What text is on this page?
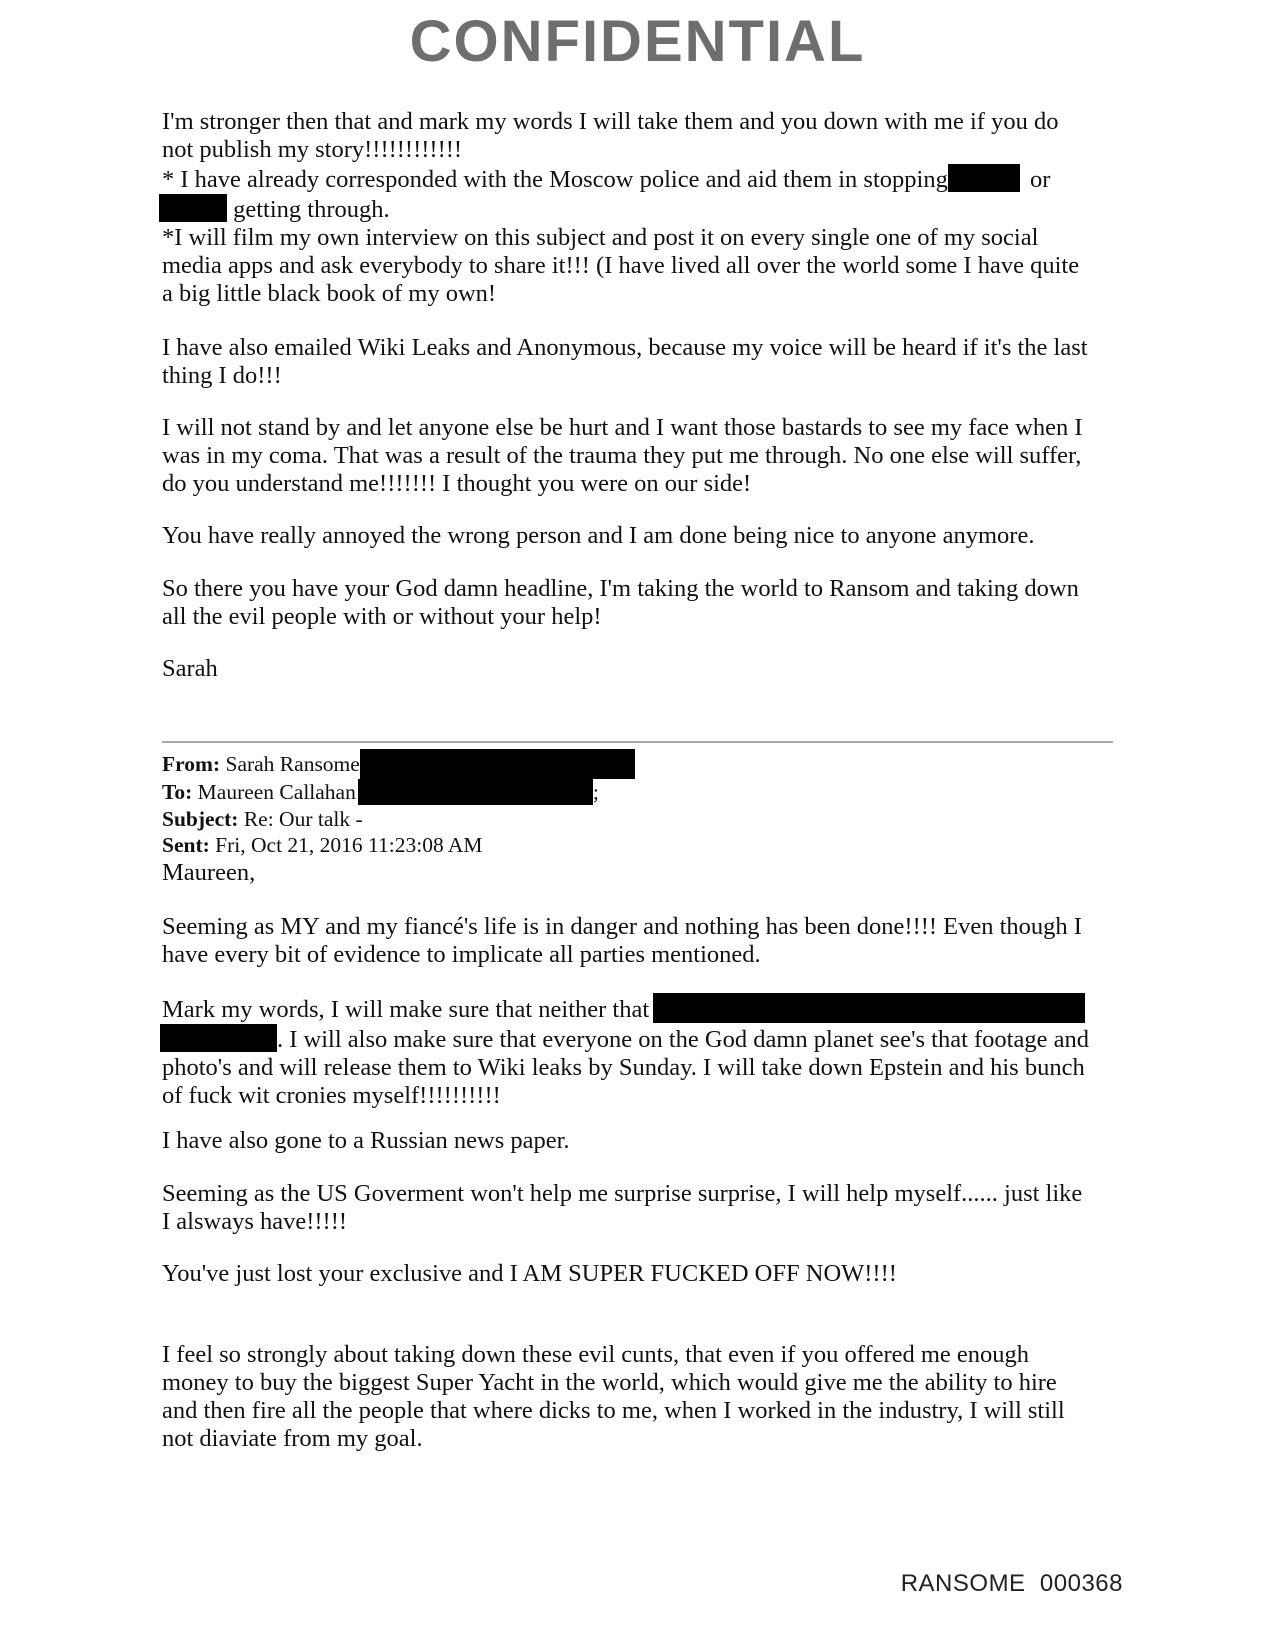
CONFIDENTIAL
I'm stronger then that and mark my words I will take them and you down with me if you do
not publish my story!!!!!!!!!!!!
* I have already corresponded with the Moscow police and aid them in stopping	or
getting through.
*I will film my own interview on this subject and post it on every single one of my social
media apps and ask everybody to share it!!! (I have lived all over the world some I have quite
a big little black book of my own!
I have also emailed Wiki Leaks and Anonymous, because my voice will be heard if it's the last
thing I do!!!
I will not stand by and let anyone else be hurt and I want those bastards to see my face when I
was in my coma. That was a result of the trauma they put me through. No one else will suffer,
do you understand me!!!!!!! I thought you were on our side!
You have really annoyed the wrong person and I am done being nice to anyone anymore.
So there you have your God damn headline, I'm taking the world to Ransom and taking down
all the evil people with or without your help!
Sarah
From: Sarah Ransome
To: Maureen Callahan	;
Subject: Re: Our talk -
Sent: Fri, Oct 21, 2016 11:23:08 AM
Maureen,
Seeming as MY and my fiancé's life is in danger and nothing has been done!!!! Even though I
have every bit of evidence to implicate all parties mentioned.
Mark my words, I will make sure that neither that
. I will also make sure that everyone on the God damn planet see's that footage and
photo's and will release them to Wiki leaks by Sunday. I will take down Epstein and his bunch
of fuck wit cronies myself!!!!!!!!!!
I have also gone to a Russian news paper.
Seeming as the US Goverment won't help me surprise surprise, I will help myself...... just like
I alsways have!!!!!
You've just lost your exclusive and I AM SUPER FUCKED OFF NOW!!!!
I feel so strongly about taking down these evil cunts, that even if you offered me enough
money to buy the biggest Super Yacht in the world, which would give me the ability to hire
and then fire all the people that where dicks to me, when I worked in the industry, I will still
not diaviate from my goal.
RANSOME  000368
